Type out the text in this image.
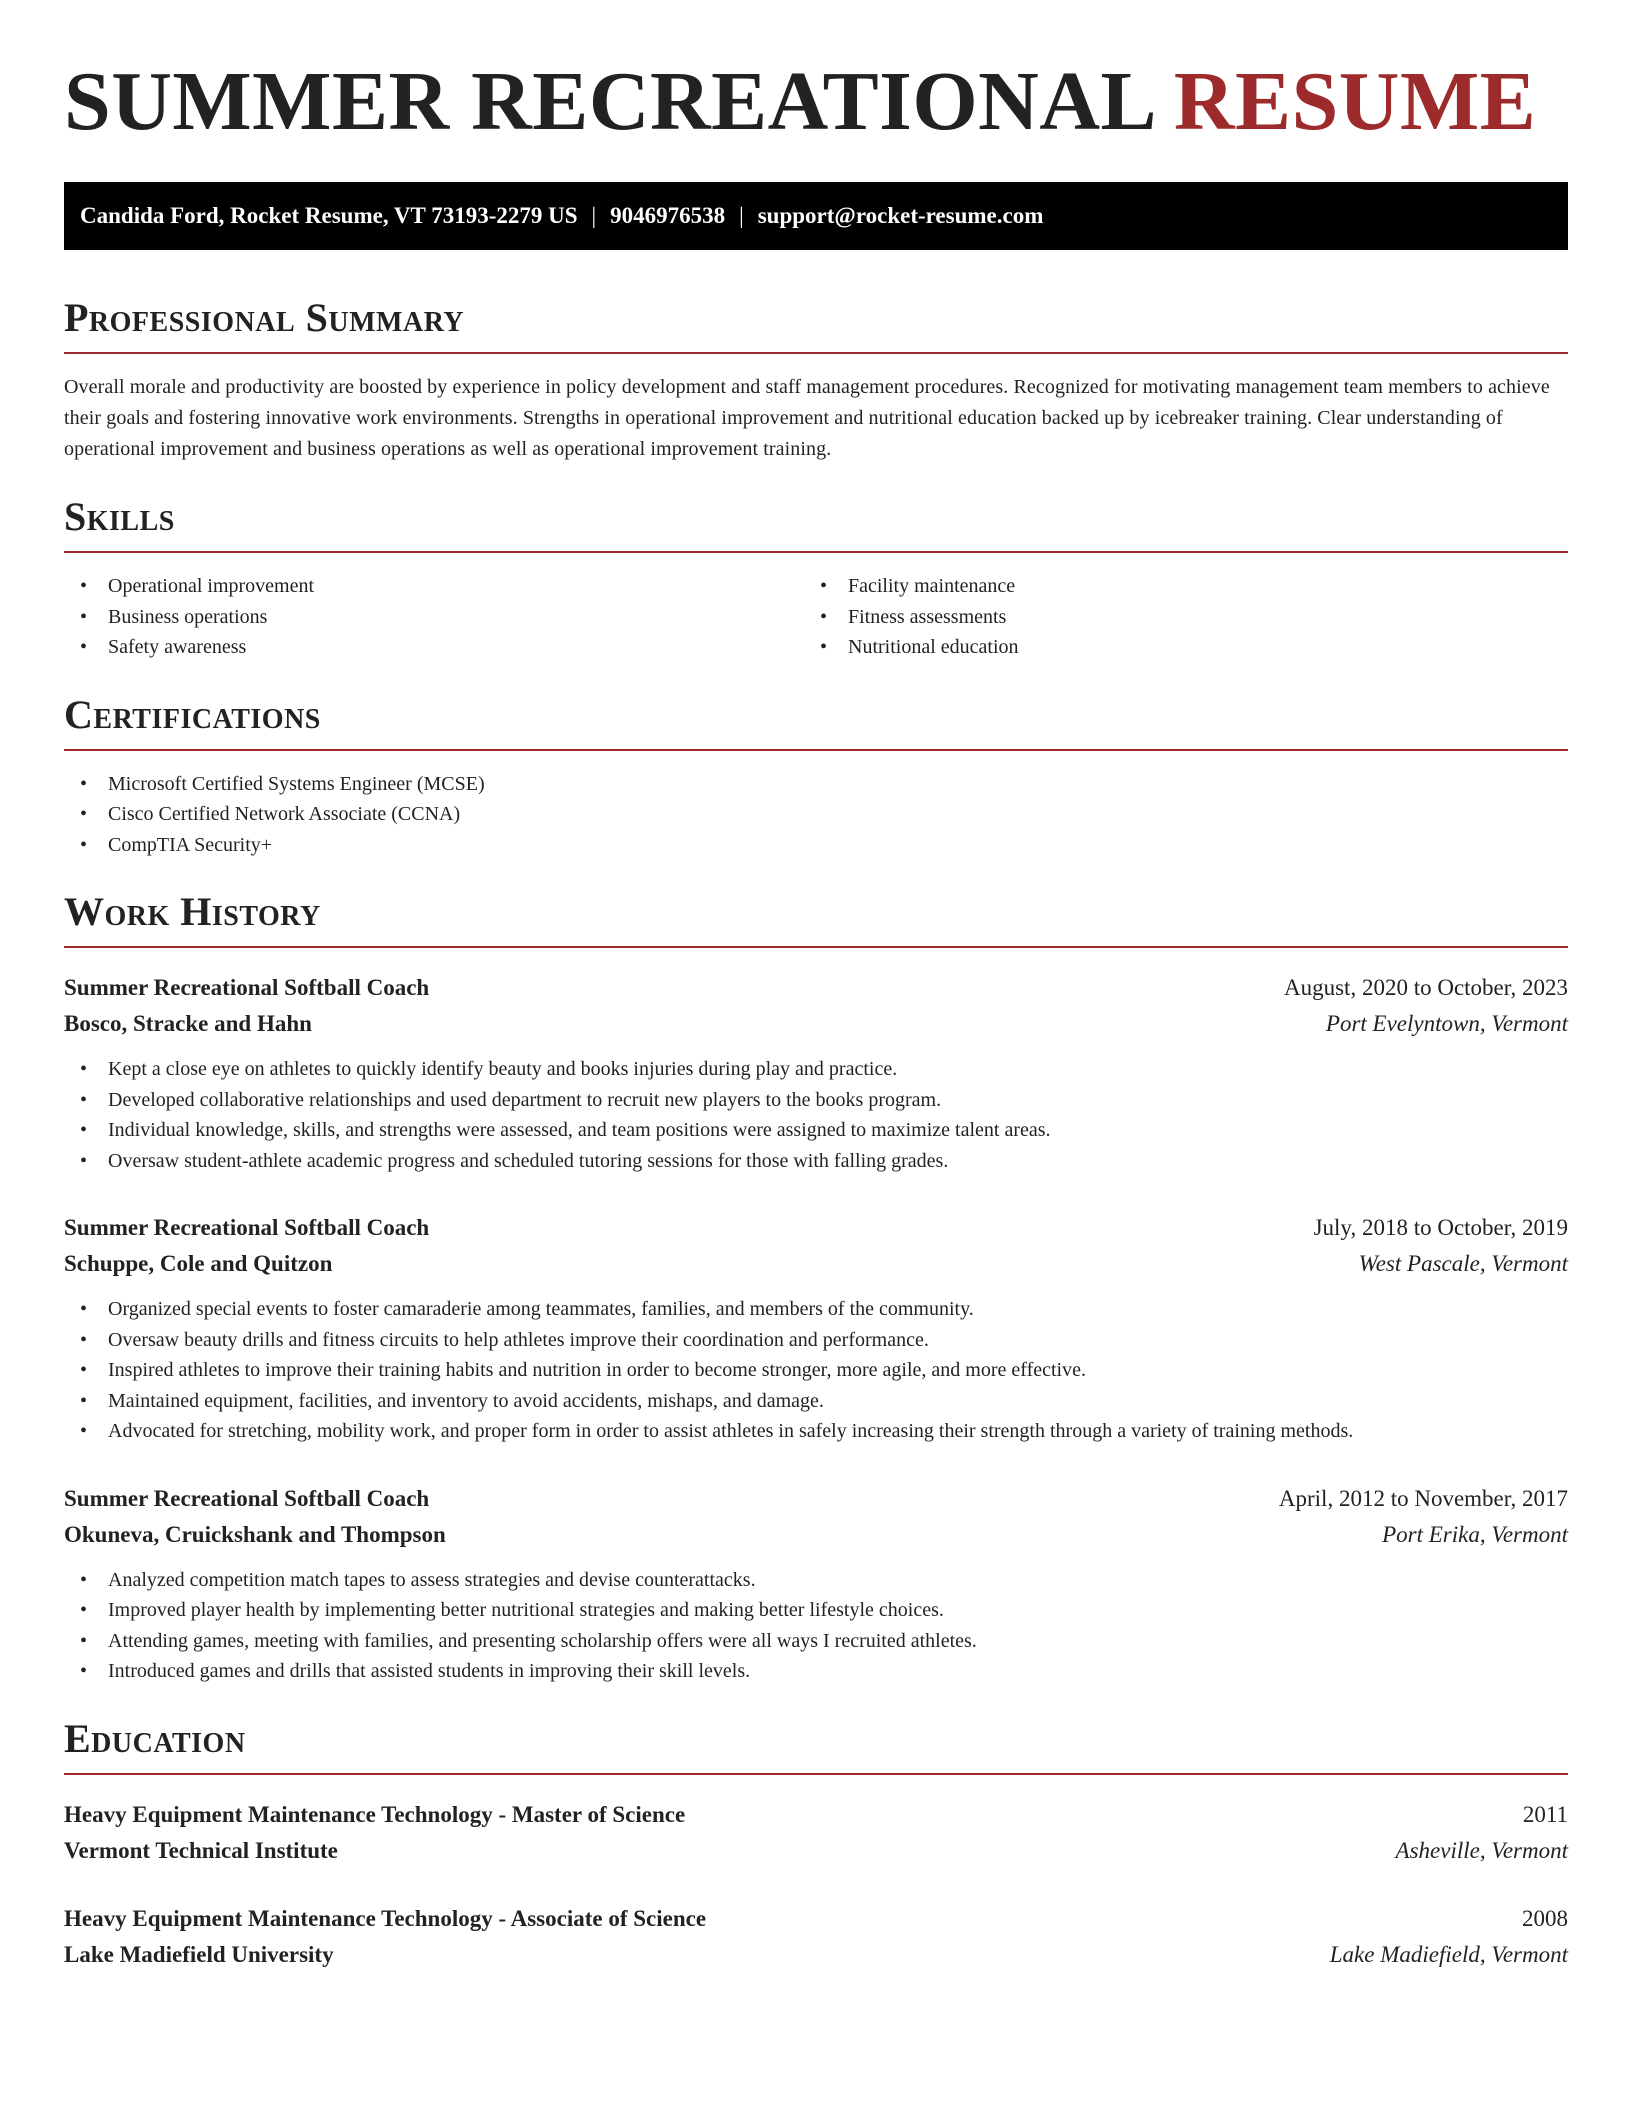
SUMMER RECREATIONAL RESUME
Candida Ford, Rocket Resume, VT 73193-2279 US | 9046976538 | support@rocket-resume.com
Professional Summary

Overall morale and productivity are boosted by experience in policy development and staff management procedures. Recognized for motivating management team members to achieve their goals and fostering innovative work environments. Strengths in operational improvement and nutritional education backed up by icebreaker training. Clear understanding of operational improvement and business operations as well as operational improvement training.

Skills
• Operational improvement
• Business operations
• Safety awareness
• Facility maintenance
• Fitness assessments
• Nutritional education
Certifications
• Microsoft Certified Systems Engineer (MCSE)
• Cisco Certified Network Associate (CCNA)
• CompTIA Security+
Work History
Summer Recreational Softball Coach	August, 2020 to October, 2023
Bosco, Stracke and Hahn	Port Evelyntown, Vermont
• Kept a close eye on athletes to quickly identify beauty and books injuries during play and practice.
• Developed collaborative relationships and used department to recruit new players to the books program.
• Individual knowledge, skills, and strengths were assessed, and team positions were assigned to maximize talent areas.
• Oversaw student-athlete academic progress and scheduled tutoring sessions for those with falling grades.
Summer Recreational Softball Coach	July, 2018 to October, 2019
Schuppe, Cole and Quitzon	West Pascale, Vermont
• Organized special events to foster camaraderie among teammates, families, and members of the community.
• Oversaw beauty drills and fitness circuits to help athletes improve their coordination and performance.
• Inspired athletes to improve their training habits and nutrition in order to become stronger, more agile, and more effective.
• Maintained equipment, facilities, and inventory to avoid accidents, mishaps, and damage.
• Advocated for stretching, mobility work, and proper form in order to assist athletes in safely increasing their strength through a variety of training methods.
Summer Recreational Softball Coach	April, 2012 to November, 2017
Okuneva, Cruickshank and Thompson	Port Erika, Vermont
• Analyzed competition match tapes to assess strategies and devise counterattacks.
• Improved player health by implementing better nutritional strategies and making better lifestyle choices.
• Attending games, meeting with families, and presenting scholarship offers were all ways I recruited athletes.
• Introduced games and drills that assisted students in improving their skill levels.
Education
Heavy Equipment Maintenance Technology - Master of Science	2011
Vermont Technical Institute	Asheville, Vermont
Heavy Equipment Maintenance Technology - Associate of Science	2008
Lake Madiefield University	Lake Madiefield, Vermont
